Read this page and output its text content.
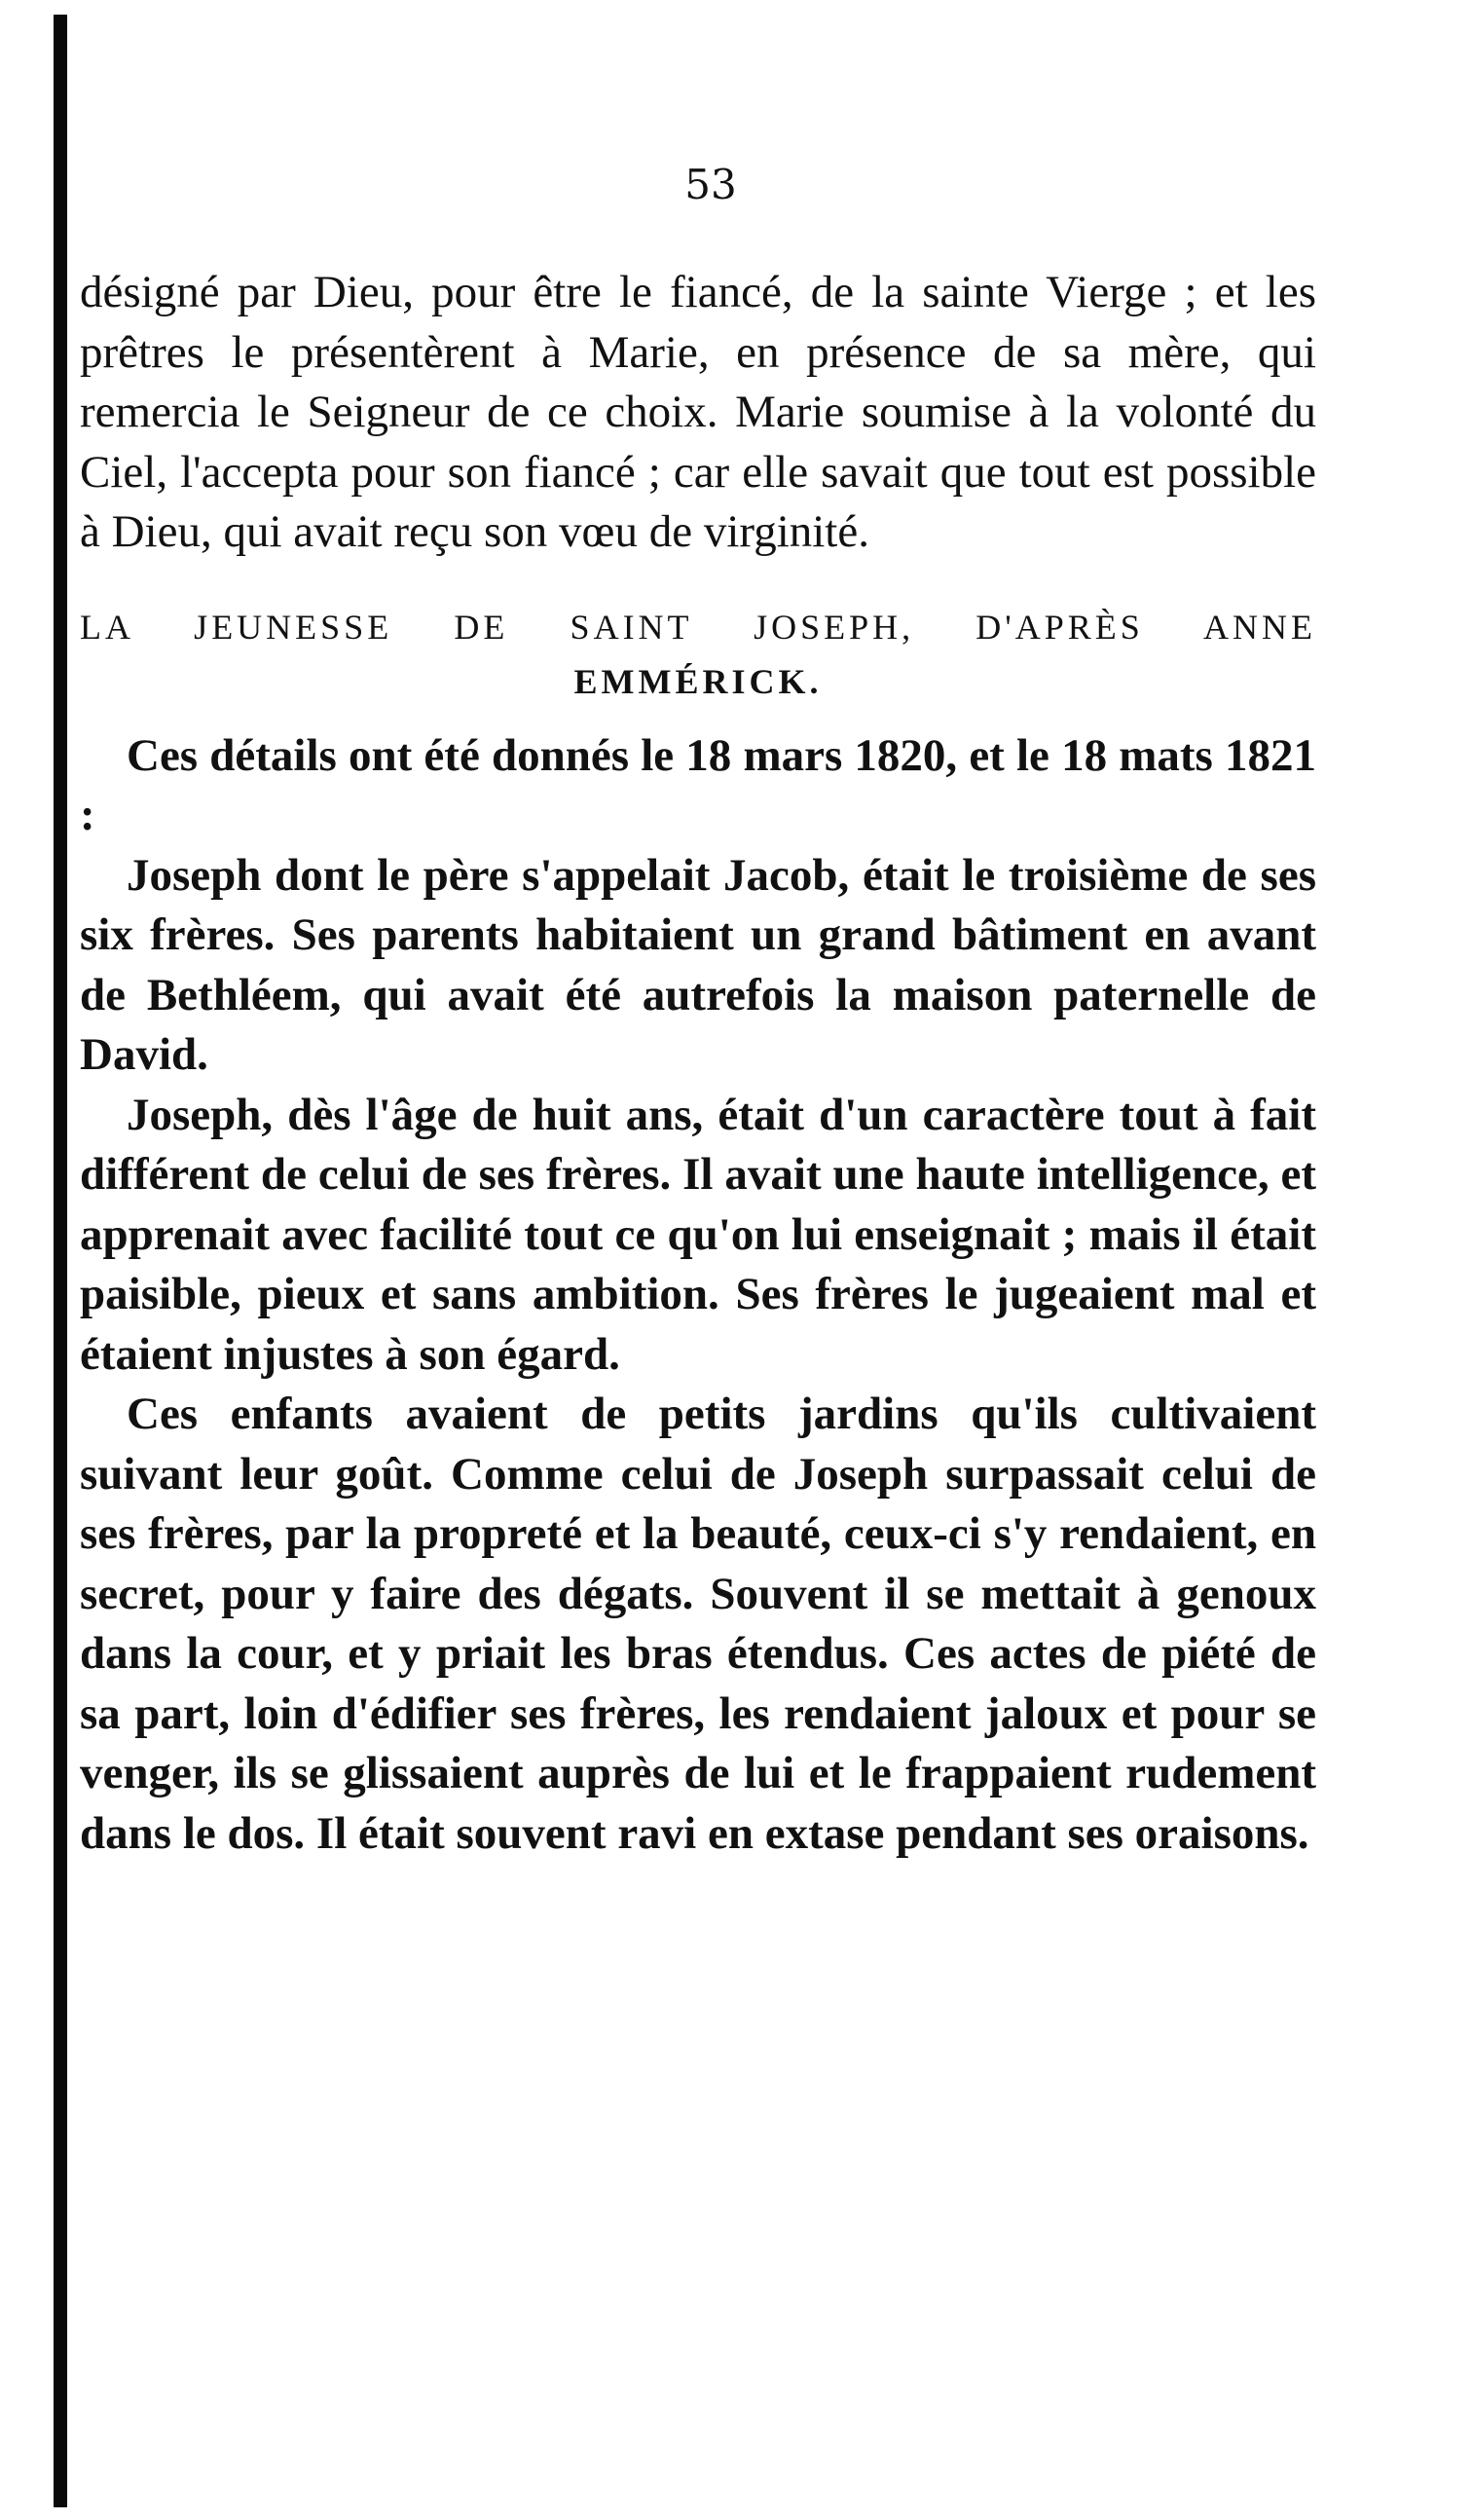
53

désigné par Dieu, pour être le fiancé, de la sainte Vierge ; et les prêtres le présentèrent à Marie, en présence de sa mère, qui remercia le Seigneur de ce choix. Marie soumise à la volonté du Ciel, l'accepta pour son fiancé ; car elle savait que tout est possible à Dieu, qui avait reçu son vœu de virginité.

LA JEUNESSE DE SAINT JOSEPH, D'APRÈS ANNE
EMMÉRICK.

Ces détails ont été donnés le 18 mars 1820, et le 18 mats 1821 :

Joseph dont le père s'appelait Jacob, était le troisième de ses six frères. Ses parents habitaient un grand bâtiment en avant de Bethléem, qui avait été autrefois la maison paternelle de David.

Joseph, dès l'âge de huit ans, était d'un caractère tout à fait différent de celui de ses frères. Il avait une haute intelligence, et apprenait avec facilité tout ce qu'on lui enseignait ; mais il était paisible, pieux et sans ambition. Ses frères le jugeaient mal et étaient injustes à son égard.

Ces enfants avaient de petits jardins qu'ils cultivaient suivant leur goût. Comme celui de Joseph surpassait celui de ses frères, par la propreté et la beauté, ceux-ci s'y rendaient, en secret, pour y faire des dégats. Souvent il se mettait à genoux dans la cour, et y priait les bras étendus. Ces actes de piété de sa part, loin d'édifier ses frères, les rendaient jaloux et pour se venger, ils se glissaient auprès de lui et le frappaient rudement dans le dos. Il était souvent ravi en extase pendant ses oraisons.
